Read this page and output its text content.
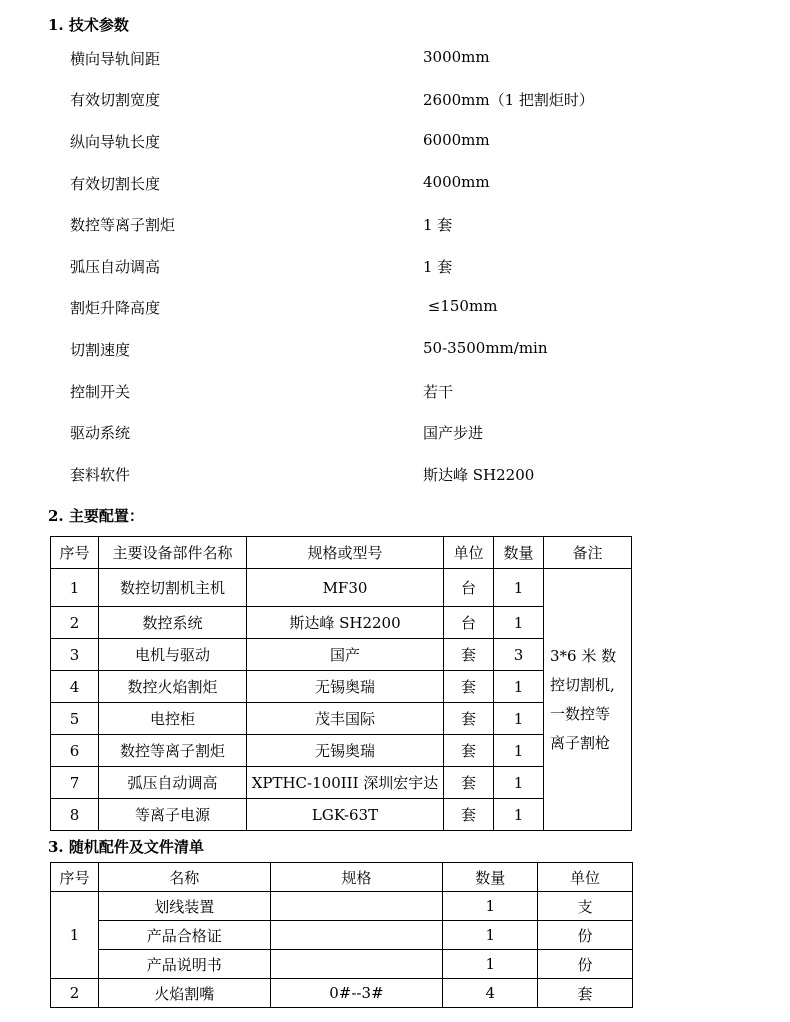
1. 技术参数
横向导轨间距	3000mm
有效切割宽度	2600mm（1 把割炬时）
纵向导轨长度	6000mm
有效切割长度	4000mm
数控等离子割炬	1 套
弧压自动调高	1 套
割炬升降高度	≤150mm
切割速度	50-3500mm/min
控制开关	若干
驱动系统	国产步进
套料软件	斯达峰 SH2200
2. 主要配置：
序号	主要设备部件名称	规格或型号	单位	数量	备注
1	数控切割机主机	MF30	台	1	3*6 米 数
控切割机,
一数控等
离子割枪

2	数控系统	斯达峰 SH2200	台	1	
3	电机与驱动	国产	套	3	
4	数控火焰割炬	无锡奥瑞	套	1	
5	电控柜	茂丰国际	套	1	
6	数控等离子割炬	无锡奥瑞	套	1	
7	弧压自动调高	XPTHC-100III 深圳宏宇达	套	1	
8	等离子电源	LGK-63T	套	1	
3. 随机配件及文件清单
序号	名称	规格	数量	单位
1	划线装置		1	支
	产品合格证		1	份
	产品说明书		1	份
2	火焰割嘴	0#--3#	4	套
